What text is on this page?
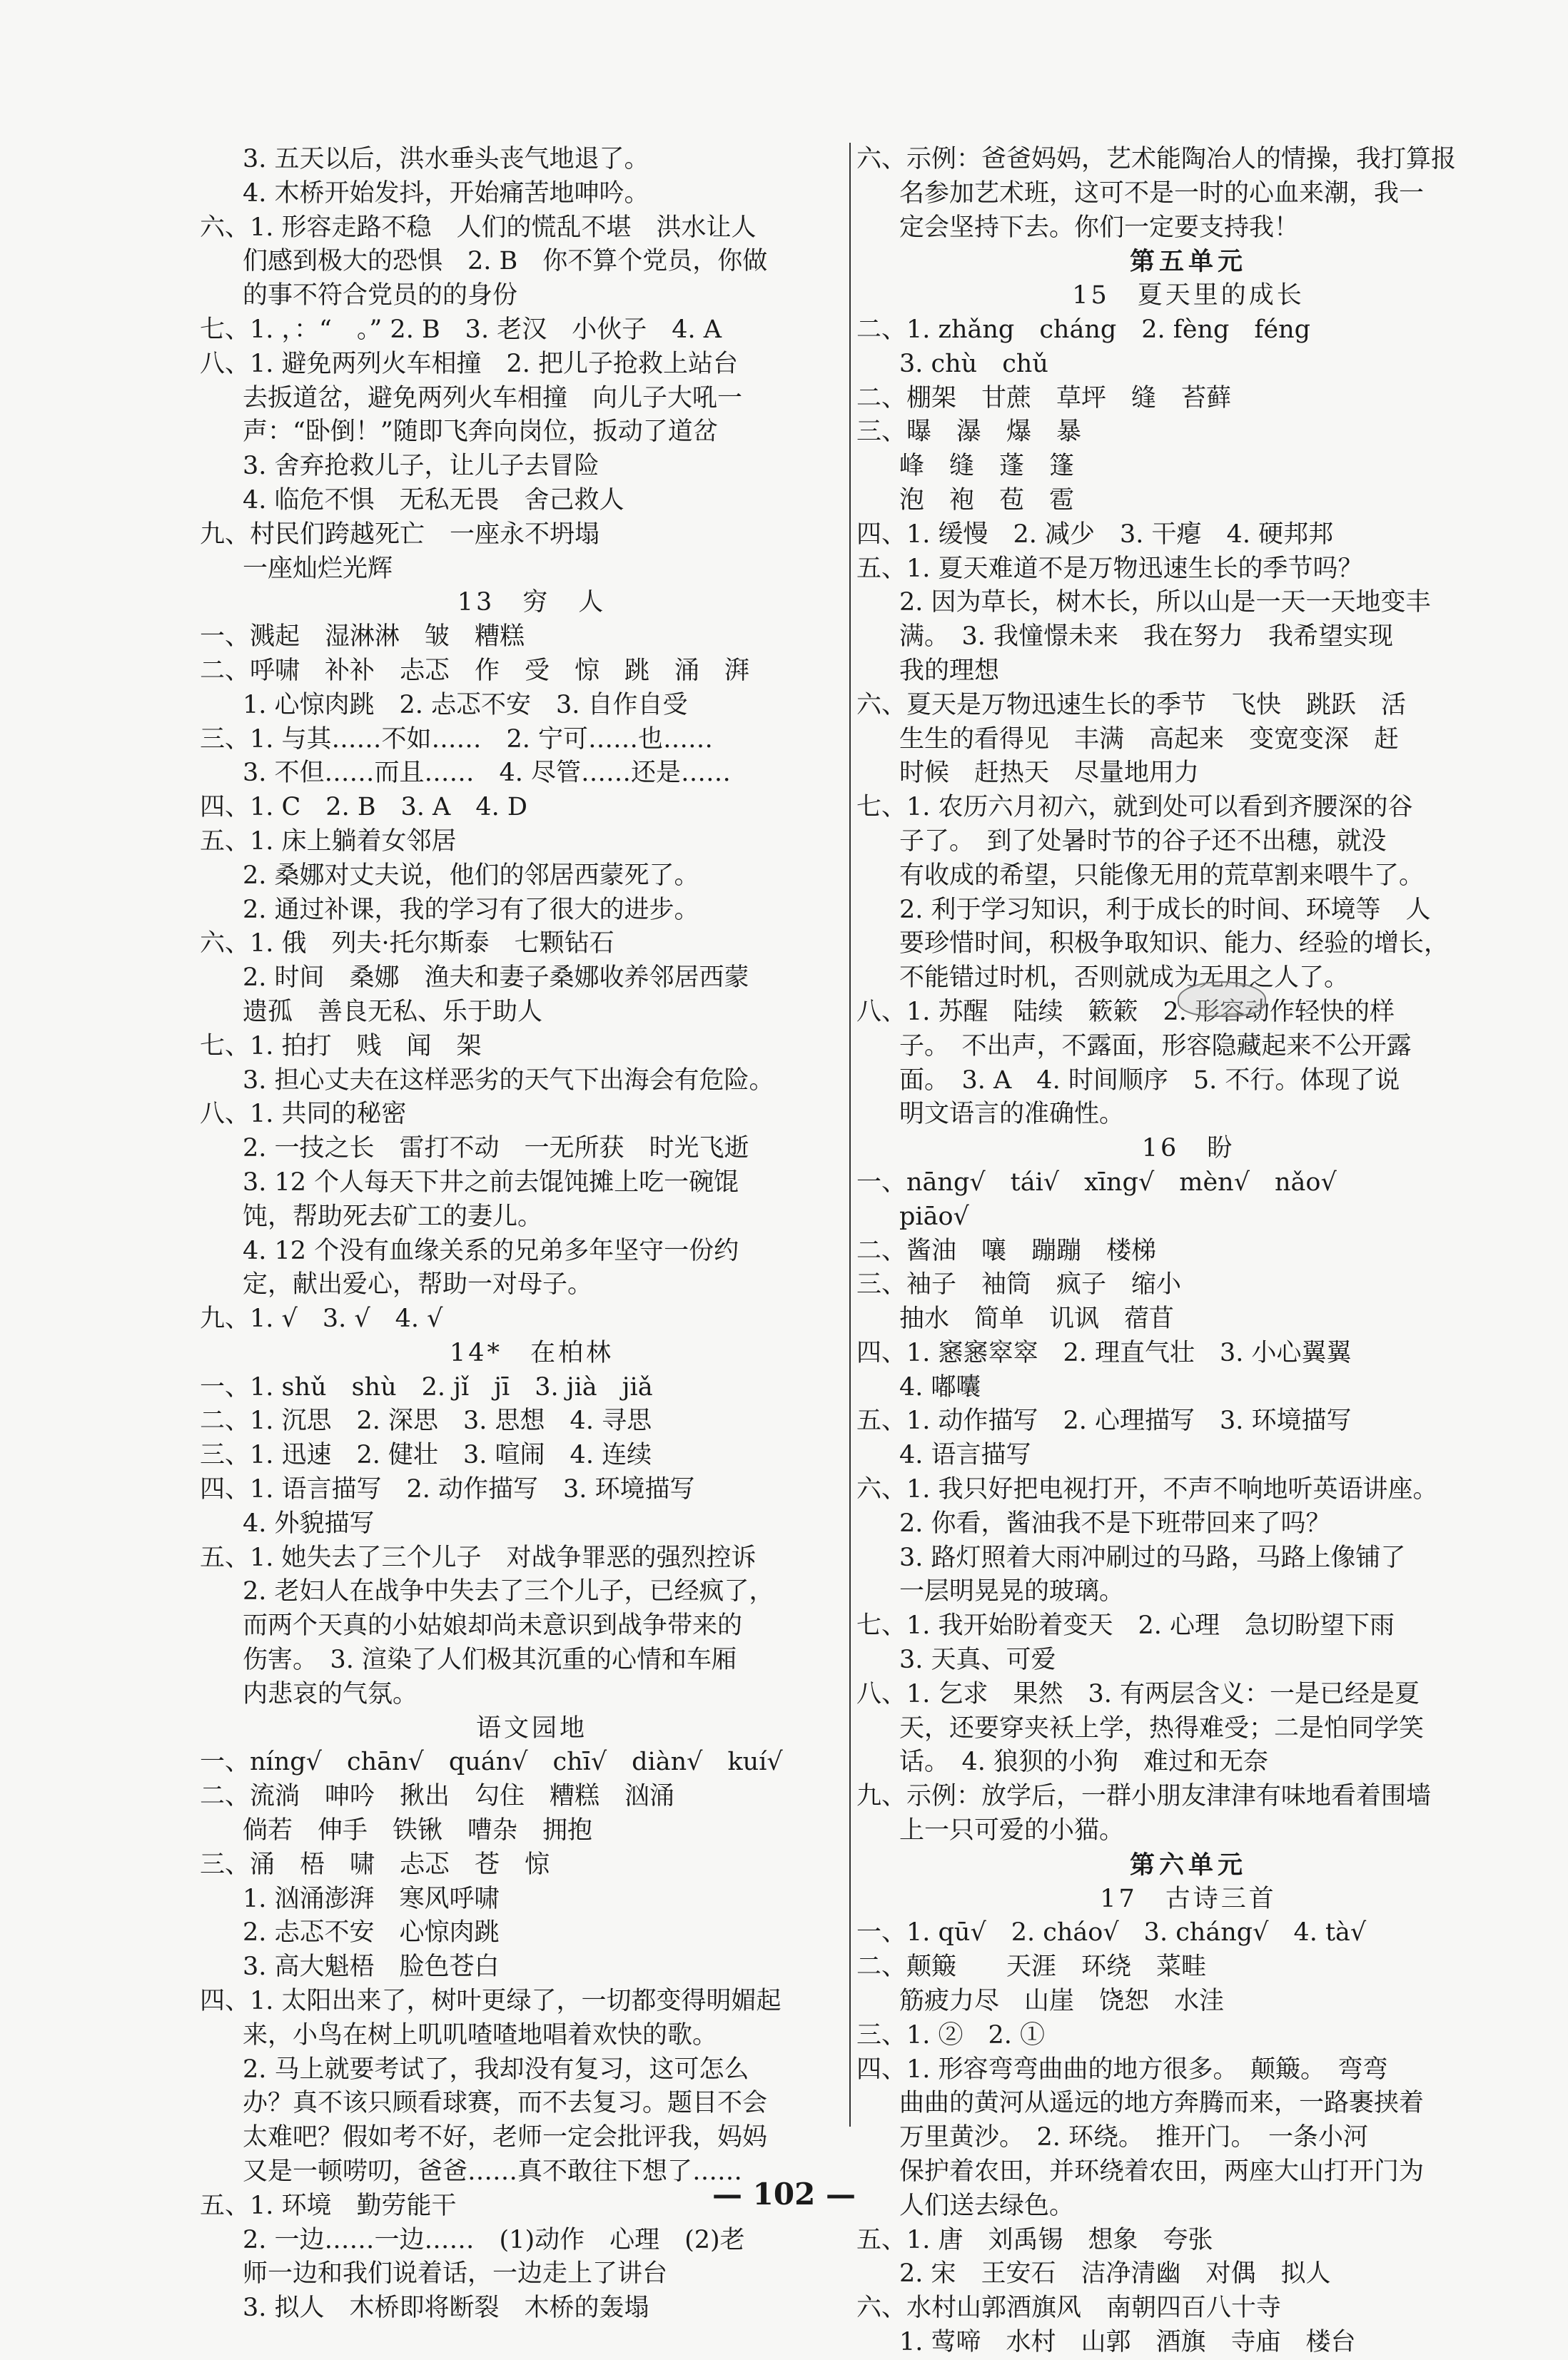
3. 五天以后，洪水垂头丧气地退了。
4. 木桥开始发抖，开始痛苦地呻吟。
六、1. 形容走路不稳　人们的慌乱不堪　洪水让人
们感到极大的恐惧　2. B　你不算个党员，你做
的事不符合党员的的身份
七、1. ，：“　。” 2. B　3. 老汉　小伙子　4. A
八、1. 避免两列火车相撞　2. 把儿子抢救上站台
去扳道岔，避免两列火车相撞　向儿子大吼一
声：“卧倒！”随即飞奔向岗位，扳动了道岔
3. 舍弃抢救儿子，让儿子去冒险
4. 临危不惧　无私无畏　舍己救人
九、村民们跨越死亡　一座永不坍塌
一座灿烂光辉
13　穷　人
一、溅起　湿淋淋　皱　糟糕
二、呼啸　补补　忐忑　作　受　惊　跳　涌　湃
1. 心惊肉跳　2. 忐忑不安　3. 自作自受
三、1. 与其……不如……　2. 宁可……也……
3. 不但……而且……　4. 尽管……还是……
四、1. C　2. B　3. A　4. D
五、1. 床上躺着女邻居
2. 桑娜对丈夫说，他们的邻居西蒙死了。
2. 通过补课，我的学习有了很大的进步。
六、1. 俄　列夫·托尔斯泰　七颗钻石
2. 时间　桑娜　渔夫和妻子桑娜收养邻居西蒙
遗孤　善良无私、乐于助人
七、1. 拍打　贱　闻　架
3. 担心丈夫在这样恶劣的天气下出海会有危险。
八、1. 共同的秘密
2. 一技之长　雷打不动　一无所获　时光飞逝
3. 12 个人每天下井之前去馄饨摊上吃一碗馄
饨，帮助死去矿工的妻儿。
4. 12 个没有血缘关系的兄弟多年坚守一份约
定，献出爱心，帮助一对母子。
九、1. √　3. √　4. √
14*　在柏林
一、1. shǔ　shù　2. jǐ　jī　3. jià　jiǎ
二、1. 沉思　2. 深思　3. 思想　4. 寻思
三、1. 迅速　2. 健壮　3. 喧闹　4. 连续
四、1. 语言描写　2. 动作描写　3. 环境描写
4. 外貌描写
五、1. 她失去了三个儿子　对战争罪恶的强烈控诉
2. 老妇人在战争中失去了三个儿子，已经疯了，
而两个天真的小姑娘却尚未意识到战争带来的
伤害。　3. 渲染了人们极其沉重的心情和车厢
内悲哀的气氛。
语文园地
一、níng√　chān√　quán√　chī√　diàn√　kuí√
二、流淌　呻吟　揪出　勾住　糟糕　汹涌
倘若　伸手　铁锹　嘈杂　拥抱
三、涌　梧　啸　忐忑　苍　惊
1. 汹涌澎湃　寒风呼啸
2. 忐忑不安　心惊肉跳
3. 高大魁梧　脸色苍白
四、1. 太阳出来了，树叶更绿了，一切都变得明媚起
来，小鸟在树上叽叽喳喳地唱着欢快的歌。
2. 马上就要考试了，我却没有复习，这可怎么
办？真不该只顾看球赛，而不去复习。题目不会
太难吧？假如考不好，老师一定会批评我，妈妈
又是一顿唠叨，爸爸……真不敢往下想了……
五、1. 环境　勤劳能干
2. 一边……一边……　(1)动作　心理　(2)老
师一边和我们说着话，一边走上了讲台
3. 拟人　木桥即将断裂　木桥的轰塌
六、示例：爸爸妈妈，艺术能陶冶人的情操，我打算报
名参加艺术班，这可不是一时的心血来潮，我一
定会坚持下去。你们一定要支持我！
第五单元
15　夏天里的成长
二、1. zhǎng　cháng　2. fèng　féng
3. chù　chǔ
二、棚架　甘蔗　草坪　缝　苔藓
三、曝　瀑　爆　暴
峰　缝　蓬　篷
泡　袍　苞　雹
四、1. 缓慢　2. 减少　3. 干瘪　4. 硬邦邦
五、1. 夏天难道不是万物迅速生长的季节吗？
2. 因为草长，树木长，所以山是一天一天地变丰
满。　3. 我憧憬未来　我在努力　我希望实现
我的理想
六、夏天是万物迅速生长的季节　飞快　跳跃　活
生生的看得见　丰满　高起来　变宽变深　赶
时候　赶热天　尽量地用力
七、1. 农历六月初六，就到处可以看到齐腰深的谷
子了。　到了处暑时节的谷子还不出穗，就没
有收成的希望，只能像无用的荒草割来喂牛了。
2. 利于学习知识，利于成长的时间、环境等　人
要珍惜时间，积极争取知识、能力、经验的增长，
不能错过时机，否则就成为无用之人了。
八、1. 苏醒　陆续　簌簌　2. 形容动作轻快的样
子。　不出声，不露面，形容隐藏起来不公开露
面。　3. A　4. 时间顺序　5. 不行。体现了说
明文语言的准确性。
16　盼
一、nāng√　tái√　xīng√　mèn√　nǎo√
piāo√
二、酱油　嚷　蹦蹦　楼梯
三、袖子　袖筒　疯子　缩小
抽水　简单　讥讽　蓿苜
四、1. 窸窸窣窣　2. 理直气壮　3. 小心翼翼
4. 嘟囔
五、1. 动作描写　2. 心理描写　3. 环境描写
4. 语言描写
六、1. 我只好把电视打开，不声不响地听英语讲座。
2. 你看，酱油我不是下班带回来了吗？
3. 路灯照着大雨冲刷过的马路，马路上像铺了
一层明晃晃的玻璃。
七、1. 我开始盼着变天　2. 心理　急切盼望下雨
3. 天真、可爱
八、1. 乞求　果然　3. 有两层含义：一是已经是夏
天，还要穿夹袄上学，热得难受；二是怕同学笑
话。　4. 狼狈的小狗　难过和无奈
九、示例：放学后，一群小朋友津津有味地看着围墙
上一只可爱的小猫。
第六单元
17　古诗三首
一、1. qū√　2. cháo√　3. cháng√　4. tà√
二、颠簸　　天涯　环绕　菜畦
筋疲力尽　山崖　饶恕　水洼
三、1. ②　2. ①
四、1. 形容弯弯曲曲的地方很多。　颠簸。　弯弯
曲曲的黄河从遥远的地方奔腾而来，一路裹挟着
万里黄沙。　2. 环绕。　推开门。　一条小河
保护着农田，并环绕着农田，两座大山打开门为
人们送去绿色。
五、1. 唐　刘禹锡　想象　夸张
2. 宋　王安石　洁净清幽　对偶　拟人
六、水村山郭酒旗风　南朝四百八十寺
1. 莺啼　水村　山郭　酒旗　寺庙　楼台
— 102 —
